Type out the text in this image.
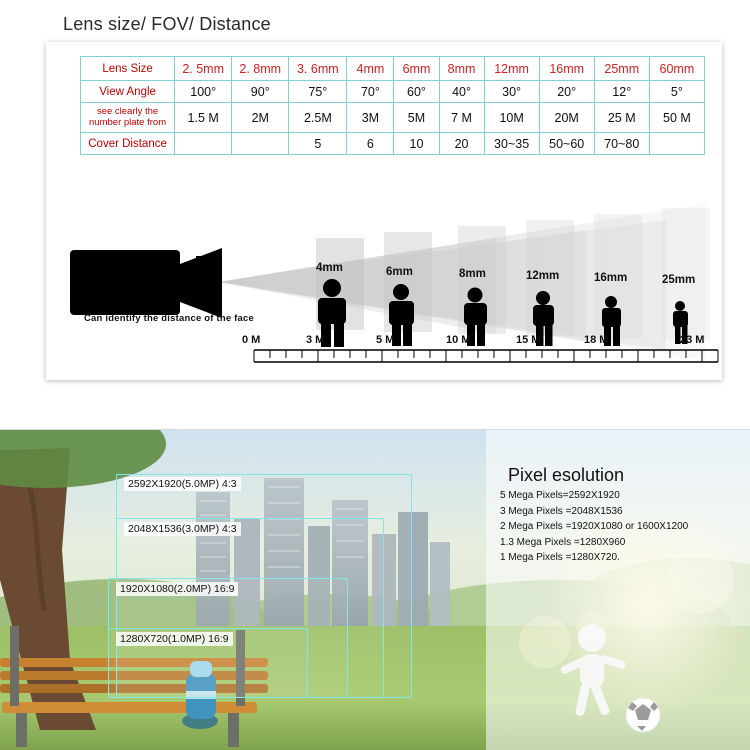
Lens size/ FOV/ Distance
Lens Size	2. 5mm	2. 8mm	3. 6mm	4mm	6mm	8mm	12mm	16mm	25mm	60mm
View Angle	100°	90°	75°	70°	60°	40°	30°	20°	12°	5°

see clearly the
number plate from	1.5 M	2M	2.5M	3M	5M	7 M	10M	20M	25 M	50 M
Cover Distance			5	6	10	20	30~35	50~60	70~80	
4mm	6mm	8mm	12mm	16mm	25mm
0 M	3 M	5 M	10 M	15 M	18 M	23 M
Can identify the distance of the face
2592X1920(5.0MP) 4:3
2048X1536(3.0MP) 4:3
1920X1080(2.0MP) 16:9
1280X720(1.0MP) 16:9
Pixel esolution
5 Mega Pixels=2592X1920
3 Mega Pixels =2048X1536
2 Mega Pixels =1920X1080 or 1600X1200
1.3 Mega Pixels =1280X960
1 Mega Pixels =1280X720.
